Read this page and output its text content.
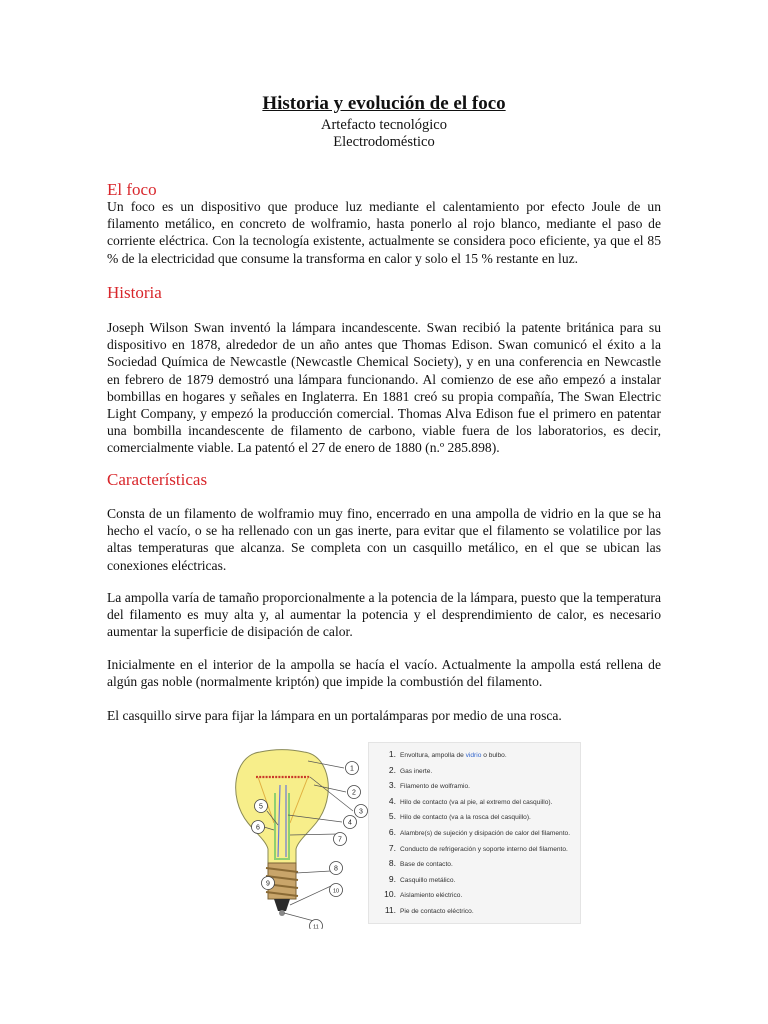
Historia y evolución de el foco
Artefacto tecnológico
Electrodoméstico
El foco

Un foco es un dispositivo que produce luz mediante el calentamiento por efecto Joule de un filamento metálico, en concreto de wolframio, hasta ponerlo al rojo blanco, mediante el paso de corriente eléctrica. Con la tecnología existente, actualmente se considera poco eficiente, ya que el 85 % de la electricidad que consume la transforma en calor y solo el 15 % restante en luz.

Historia

Joseph Wilson Swan inventó la lámpara incandescente. Swan recibió la patente británica para su dispositivo en 1878, alrededor de un año antes que Thomas Edison. Swan comunicó el éxito a la Sociedad Química de Newcastle (Newcastle Chemical Society), y en una conferencia en Newcastle en febrero de 1879 demostró una lámpara funcionando. Al comienzo de ese año empezó a instalar bombillas en hogares y señales en Inglaterra. En 1881 creó su propia compañía, The Swan Electric Light Company, y empezó la producción comercial. Thomas Alva Edison fue el primero en patentar una bombilla incandescente de filamento de carbono, viable fuera de los laboratorios, es decir, comercialmente viable. La patentó el 27 de enero de 1880 (n.º 285.898).

Características

Consta de un filamento de wolframio muy fino, encerrado en una ampolla de vidrio en la que se ha hecho el vacío, o se ha rellenado con un gas inerte, para evitar que el filamento se volatilice por las altas temperaturas que alcanza. Se completa con un casquillo metálico, en el que se ubican las conexiones eléctricas.

La ampolla varía de tamaño proporcionalmente a la potencia de la lámpara, puesto que la temperatura del filamento es muy alta y, al aumentar la potencia y el desprendimiento de calor, es necesario aumentar la superficie de disipación de calor.

Inicialmente en el interior de la ampolla se hacía el vacío. Actualmente la ampolla está rellena de algún gas noble (normalmente kriptón) que impide la combustión del filamento.

El casquillo sirve para fijar la lámpara en un portalámparas por medio de una rosca.

1
2
3
4
5
6
7
8
9
10
11
1. Envoltura, ampolla de vidrio o bulbo.
2. Gas inerte.
3. Filamento de wolframio.
4. Hilo de contacto (va al pie, al extremo del casquillo).
5. Hilo de contacto (va a la rosca del casquillo).
6. Alambre(s) de sujeción y disipación de calor del filamento.
7. Conducto de refrigeración y soporte interno del filamento.
8. Base de contacto.
9. Casquillo metálico.
10. Aislamiento eléctrico.
11. Pie de contacto eléctrico.
